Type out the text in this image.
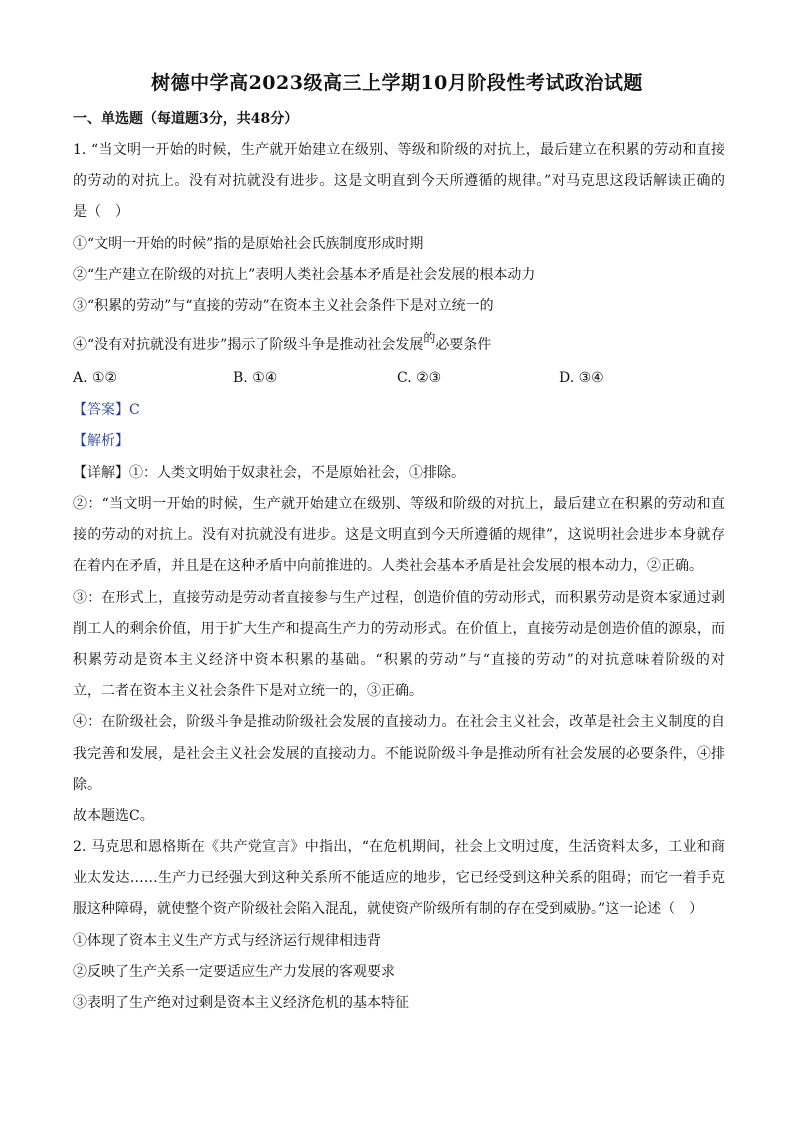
树德中学高2023级高三上学期10月阶段性考试政治试题
一、单选题（每道题3分，共48分）
1. “当文明一开始的时候，生产就开始建立在级别、等级和阶级的对抗上，最后建立在积累的劳动和直接
的劳动的对抗上。没有对抗就没有进步。这是文明直到今天所遵循的规律。”对马克思这段话解读正确的
是（　）
①“文明一开始的时候”指的是原始社会氏族制度形成时期
②“生产建立在阶级的对抗上”表明人类社会基本矛盾是社会发展的根本动力
③“积累的劳动”与“直接的劳动”在资本主义社会条件下是对立统一的
④“没有对抗就没有进步”揭示了阶级斗争是推动社会发展的必要条件
A. ①②	B. ①④	C. ②③	D. ③④
【答案】C
【解析】
【详解】①：人类文明始于奴隶社会，不是原始社会，①排除。
②：“当文明一开始的时候，生产就开始建立在级别、等级和阶级的对抗上，最后建立在积累的劳动和直
接的劳动的对抗上。没有对抗就没有进步。这是文明直到今天所遵循的规律”，这说明社会进步本身就存
在着内在矛盾，并且是在这种矛盾中向前推进的。人类社会基本矛盾是社会发展的根本动力，②正确。
③：在形式上，直接劳动是劳动者直接参与生产过程，创造价值的劳动形式，而积累劳动是资本家通过剥
削工人的剩余价值，用于扩大生产和提高生产力的劳动形式。在价值上，直接劳动是创造价值的源泉，而
积累劳动是资本主义经济中资本积累的基础。“积累的劳动”与“直接的劳动”的对抗意味着阶级的对
立，二者在资本主义社会条件下是对立统一的，③正确。
④：在阶级社会，阶级斗争是推动阶级社会发展的直接动力。在社会主义社会，改革是社会主义制度的自
我完善和发展，是社会主义社会发展的直接动力。不能说阶级斗争是推动所有社会发展的必要条件，④排
除。
故本题选C。
2. 马克思和恩格斯在《共产党宣言》中指出，“在危机期间，社会上文明过度，生活资料太多，工业和商
业太发达……生产力已经强大到这种关系所不能适应的地步，它已经受到这种关系的阻碍；而它一着手克
服这种障碍，就使整个资产阶级社会陷入混乱，就使资产阶级所有制的存在受到威胁。”这一论述（　）
①体现了资本主义生产方式与经济运行规律相违背
②反映了生产关系一定要适应生产力发展的客观要求
③表明了生产绝对过剩是资本主义经济危机的基本特征
